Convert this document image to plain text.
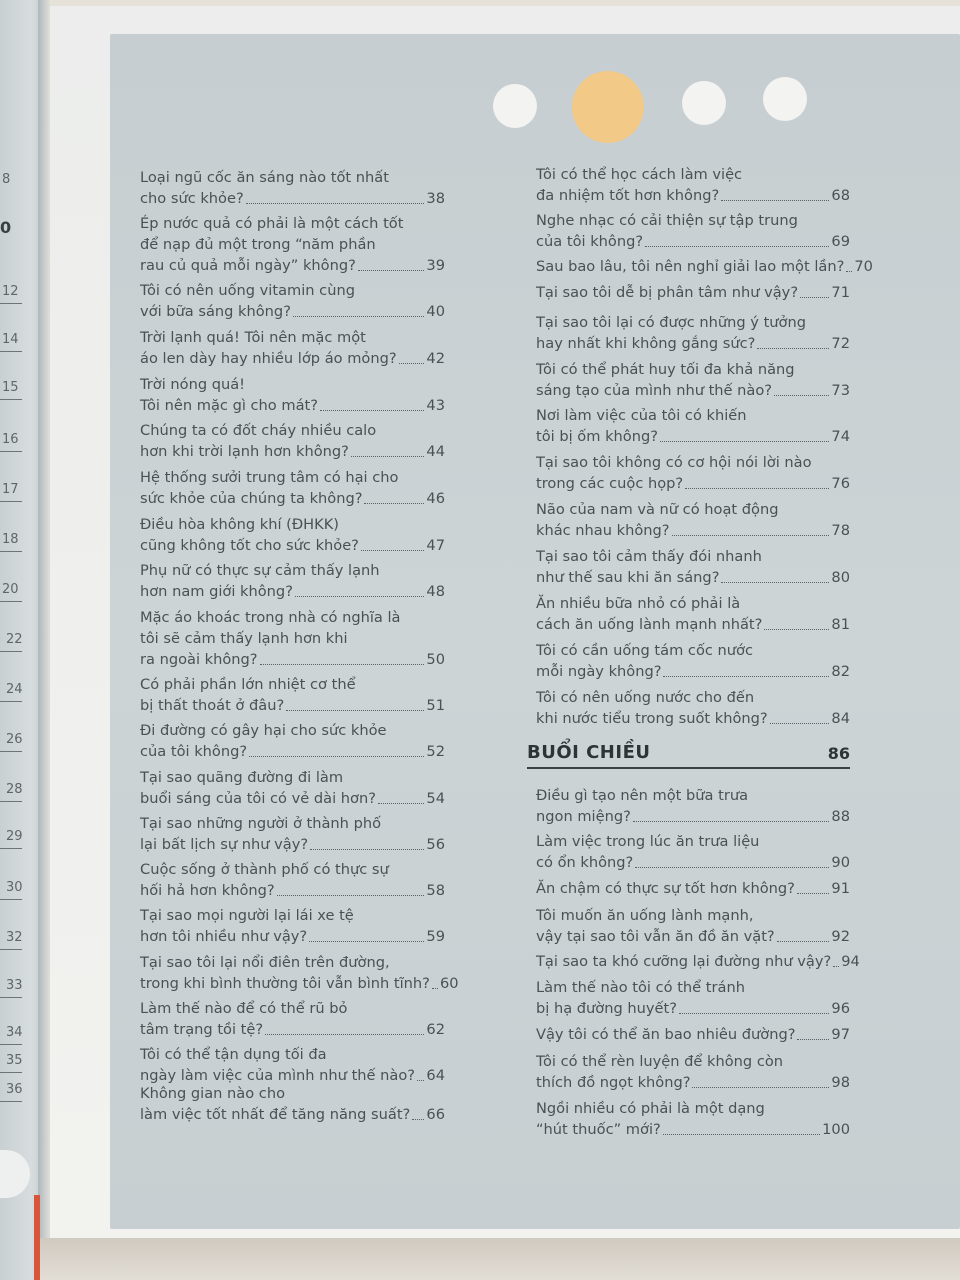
8
0
12
14
15
16
17
18
20
22
24
26
28
29
30
32
33
34
35
36
Loại ngũ cốc ăn sáng nào tốt nhất
cho sức khỏe?	38
Ép nước quả có phải là một cách tốt
để nạp đủ một trong “năm phần
rau củ quả mỗi ngày” không?	39
Tôi có nên uống vitamin cùng
với bữa sáng không?	40
Trời lạnh quá! Tôi nên mặc một
áo len dày hay nhiều lớp áo mỏng? 42
Trời nóng quá!
Tôi nên mặc gì cho mát?	43
Chúng ta có đốt cháy nhiều calo
hơn khi trời lạnh hơn không?	44
Hệ thống sưởi trung tâm có hại cho
sức khỏe của chúng ta không?	46
Điều hòa không khí (ĐHKK)
cũng không tốt cho sức khỏe?	47
Phụ nữ có thực sự cảm thấy lạnh
hơn nam giới không?	48
Mặc áo khoác trong nhà có nghĩa là
tôi sẽ cảm thấy lạnh hơn khi
ra ngoài không?	50
Có phải phần lớn nhiệt cơ thể
bị thất thoát ở đâu?	51
Đi đường có gây hại cho sức khỏe
của tôi không?	52
Tại sao quãng đường đi làm
buổi sáng của tôi có vẻ dài hơn?	54
Tại sao những người ở thành phố
lại bất lịch sự như vậy?	56
Cuộc sống ở thành phố có thực sự
hối hả hơn không?	58
Tại sao mọi người lại lái xe tệ
hơn tôi nhiều như vậy?	59
Tại sao tôi lại nổi điên trên đường,
trong khi bình thường tôi vẫn bình tĩnh? 60
Làm thế nào để có thể rũ bỏ
tâm trạng tồi tệ?	62
Tôi có thể tận dụng tối đa
ngày làm việc của mình như thế nào? 64
Không gian nào cho
làm việc tốt nhất để tăng năng suất? 66
Tôi có thể học cách làm việc
đa nhiệm tốt hơn không?	68
Nghe nhạc có cải thiện sự tập trung
của tôi không?	69
Sau bao lâu, tôi nên nghỉ giải lao một lần? 70
Tại sao tôi dễ bị phân tâm như vậy? 71
Tại sao tôi lại có được những ý tưởng
hay nhất khi không gắng sức?	72
Tôi có thể phát huy tối đa khả năng
sáng tạo của mình như thế nào?	73
Nơi làm việc của tôi có khiến
tôi bị ốm không?	74
Tại sao tôi không có cơ hội nói lời nào
trong các cuộc họp?	76
Não của nam và nữ có hoạt động
khác nhau không?	78
Tại sao tôi cảm thấy đói nhanh
như thế sau khi ăn sáng?	80
Ăn nhiều bữa nhỏ có phải là
cách ăn uống lành mạnh nhất?	81
Tôi có cần uống tám cốc nước
mỗi ngày không?	82
Tôi có nên uống nước cho đến
khi nước tiểu trong suốt không?	84
BUỔI CHIỀU	86
Điều gì tạo nên một bữa trưa
ngon miệng?	88
Làm việc trong lúc ăn trưa liệu
có ổn không?	90
Ăn chậm có thực sự tốt hơn không?	91
Tôi muốn ăn uống lành mạnh,
vậy tại sao tôi vẫn ăn đồ ăn vặt?	92
Tại sao ta khó cưỡng lại đường như vậy? 94
Làm thế nào tôi có thể tránh
bị hạ đường huyết?	96
Vậy tôi có thể ăn bao nhiêu đường? 97
Tôi có thể rèn luyện để không còn
thích đồ ngọt không?	98
Ngồi nhiều có phải là một dạng
“hút thuốc” mới?	100
